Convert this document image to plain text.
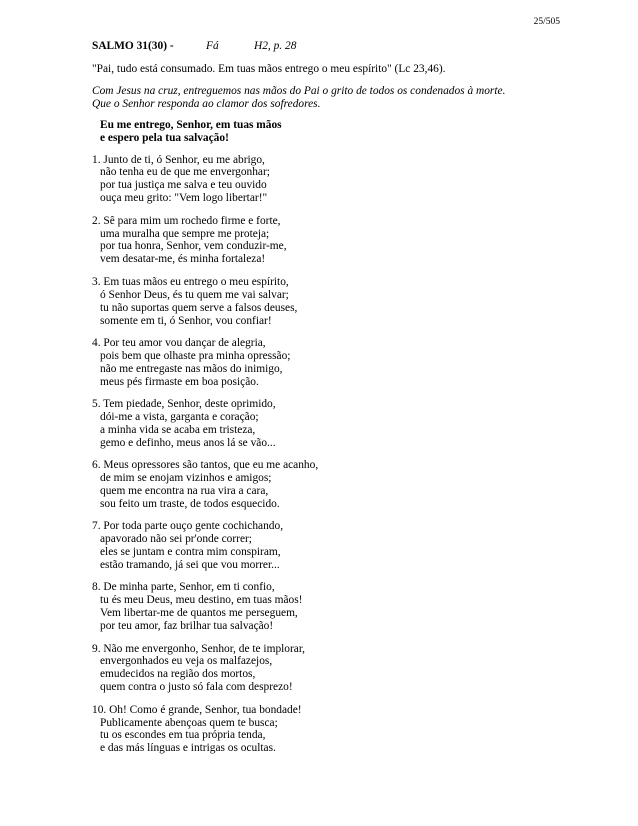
25/505
SALMO 31(30) -	Fá	H2, p. 28
"Pai, tudo está consumado. Em tuas mãos entrego o meu espírito" (Lc 23,46).
Com Jesus na cruz, entreguemos nas mãos do Pai o grito de todos os condenados à morte.
Que o Senhor responda ao clamor dos sofredores.
Eu me entrego, Senhor, em tuas mãos
e espero pela tua salvação!
1. Junto de ti, ó Senhor, eu me abrigo,
não tenha eu de que me envergonhar;
por tua justiça me salva e teu ouvido
ouça meu grito: "Vem logo libertar!"
2. Sê para mim um rochedo firme e forte,
uma muralha que sempre me proteja;
por tua honra, Senhor, vem conduzir-me,
vem desatar-me, és minha fortaleza!
3. Em tuas mãos eu entrego o meu espírito,
ó Senhor Deus, és tu quem me vai salvar;
tu não suportas quem serve a falsos deuses,
somente em ti, ó Senhor, vou confiar!
4. Por teu amor vou dançar de alegria,
pois bem que olhaste pra minha opressão;
não me entregaste nas mãos do inimigo,
meus pés firmaste em boa posição.
5. Tem piedade, Senhor, deste oprimido,
dói-me a vista, garganta e coração;
a minha vida se acaba em tristeza,
gemo e definho, meus anos lá se vão...
6. Meus opressores são tantos, que eu me acanho,
de mim se enojam vizinhos e amigos;
quem me encontra na rua vira a cara,
sou feito um traste, de todos esquecido.
7. Por toda parte ouço gente cochichando,
apavorado não sei pr'onde correr;
eles se juntam e contra mim conspiram,
estão tramando, já sei que vou morrer...
8. De minha parte, Senhor, em ti confio,
tu és meu Deus, meu destino, em tuas mãos!
Vem libertar-me de quantos me perseguem,
por teu amor, faz brilhar tua salvação!
9. Não me envergonho, Senhor, de te implorar,
envergonhados eu veja os malfazejos,
emudecidos na região dos mortos,
quem contra o justo só fala com desprezo!
10. Oh! Como é grande, Senhor, tua bondade!
Publicamente abençoas quem te busca;
tu os escondes em tua própria tenda,
e das más línguas e intrigas os ocultas.
